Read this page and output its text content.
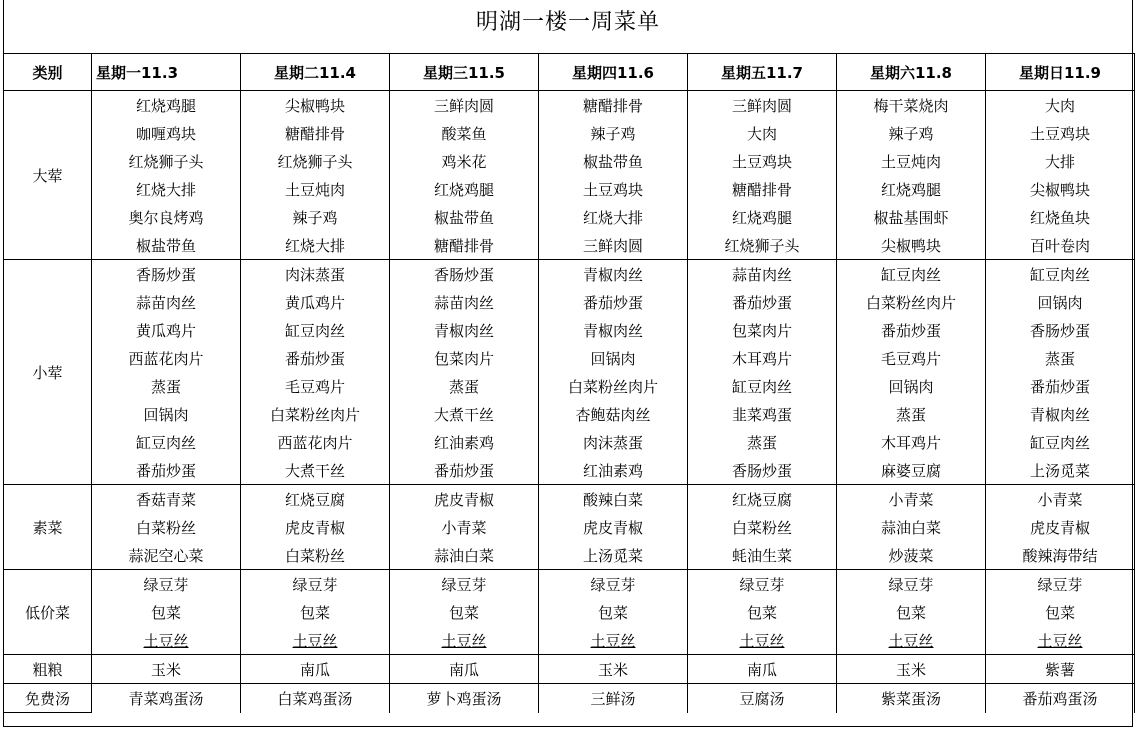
明湖一楼一周菜单
类别	星期一11.3	星期二11.4	星期三11.5	星期四11.6	星期五11.7	星期六11.8	星期日11.9
大荤	红烧鸡腿	尖椒鸭块	三鲜肉圆	糖醋排骨	三鲜肉圆	梅干菜烧肉	大肉
	咖喱鸡块	糖醋排骨	酸菜鱼	辣子鸡	大肉	辣子鸡	土豆鸡块
	红烧狮子头	红烧狮子头	鸡米花	椒盐带鱼	土豆鸡块	土豆炖肉	大排
	红烧大排	土豆炖肉	红烧鸡腿	土豆鸡块	糖醋排骨	红烧鸡腿	尖椒鸭块
	奥尔良烤鸡	辣子鸡	椒盐带鱼	红烧大排	红烧鸡腿	椒盐基围虾	红烧鱼块
	椒盐带鱼	红烧大排	糖醋排骨	三鲜肉圆	红烧狮子头	尖椒鸭块	百叶卷肉
小荤	香肠炒蛋	肉沫蒸蛋	香肠炒蛋	青椒肉丝	蒜苗肉丝	缸豆肉丝	缸豆肉丝
	蒜苗肉丝	黄瓜鸡片	蒜苗肉丝	番茄炒蛋	番茄炒蛋	白菜粉丝肉片	回锅肉
	黄瓜鸡片	缸豆肉丝	青椒肉丝	青椒肉丝	包菜肉片	番茄炒蛋	香肠炒蛋
	西蓝花肉片	番茄炒蛋	包菜肉片	回锅肉	木耳鸡片	毛豆鸡片	蒸蛋
	蒸蛋	毛豆鸡片	蒸蛋	白菜粉丝肉片	缸豆肉丝	回锅肉	番茄炒蛋
	回锅肉	白菜粉丝肉片	大煮干丝	杏鲍菇肉丝	韭菜鸡蛋	蒸蛋	青椒肉丝
	缸豆肉丝	西蓝花肉片	红油素鸡	肉沫蒸蛋	蒸蛋	木耳鸡片	缸豆肉丝
	番茄炒蛋	大煮干丝	番茄炒蛋	红油素鸡	香肠炒蛋	麻婆豆腐	上汤觅菜
素菜	香菇青菜	红烧豆腐	虎皮青椒	酸辣白菜	红烧豆腐	小青菜	小青菜
	白菜粉丝	虎皮青椒	小青菜	虎皮青椒	白菜粉丝	蒜油白菜	虎皮青椒
	蒜泥空心菜	白菜粉丝	蒜油白菜	上汤觅菜	蚝油生菜	炒菠菜	酸辣海带结
低价菜	绿豆芽	绿豆芽	绿豆芽	绿豆芽	绿豆芽	绿豆芽	绿豆芽
	包菜	包菜	包菜	包菜	包菜	包菜	包菜
	土豆丝	土豆丝	土豆丝	土豆丝	土豆丝	土豆丝	土豆丝
粗粮	玉米	南瓜	南瓜	玉米	南瓜	玉米	紫薯
免费汤	青菜鸡蛋汤	白菜鸡蛋汤	萝卜鸡蛋汤	三鲜汤	豆腐汤	紫菜蛋汤	番茄鸡蛋汤
